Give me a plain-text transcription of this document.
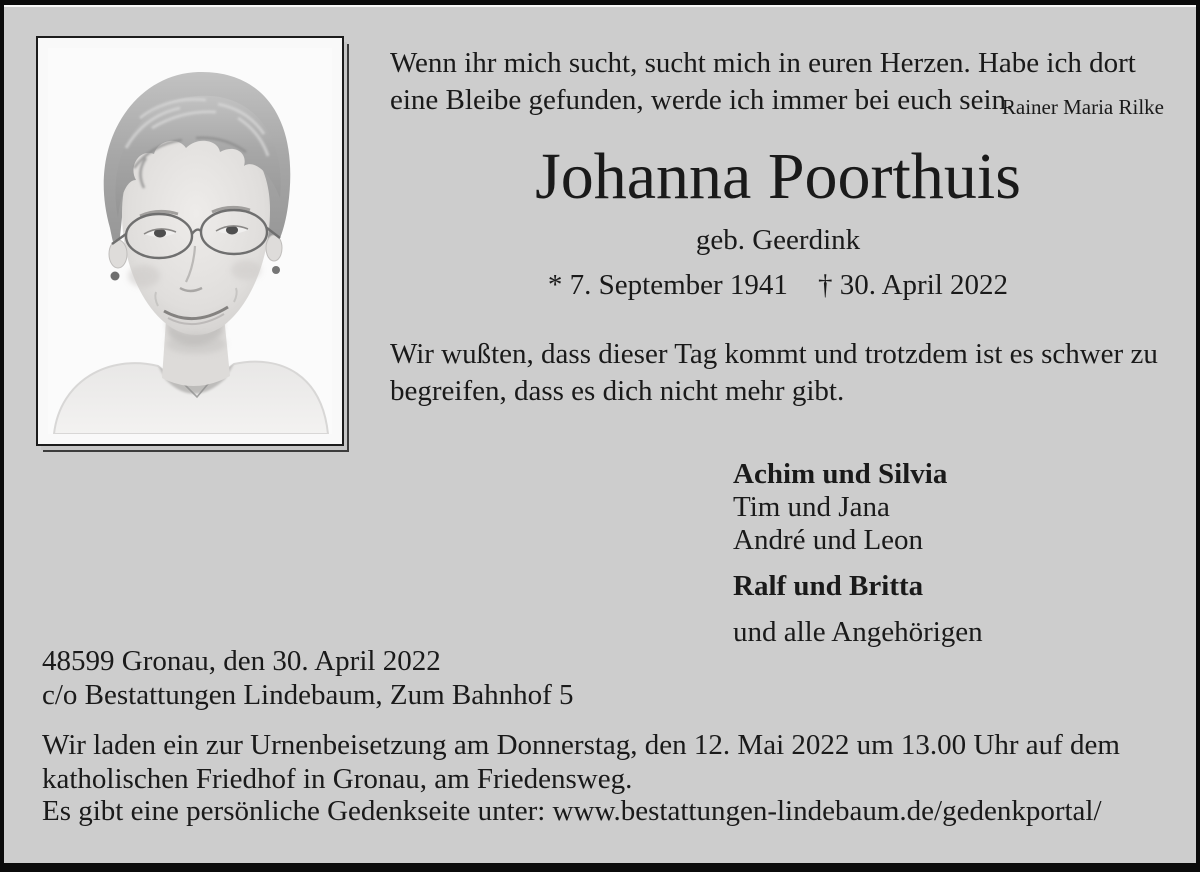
Wenn ihr mich sucht, sucht mich in euren Herzen. Habe ich dort
eine Bleibe gefunden, werde ich immer bei euch sein.
Rainer Maria Rilke
Johanna Poorthuis
geb. Geerdink
* 7. September 1941 † 30. April 2022
Wir wußten, dass dieser Tag kommt und trotzdem ist es schwer zu
begreifen, dass es dich nicht mehr gibt.
Achim und Silvia
Tim und Jana
André und Leon
Ralf und Britta
und alle Angehörigen
48599 Gronau, den 30. April 2022
c/o Bestattungen Lindebaum, Zum Bahnhof 5
Wir laden ein zur Urnenbeisetzung am Donnerstag, den 12. Mai 2022 um 13.00 Uhr auf dem
katholischen Friedhof in Gronau, am Friedensweg.
Es gibt eine persönliche Gedenkseite unter: www.bestattungen-lindebaum.de/gedenkportal/
